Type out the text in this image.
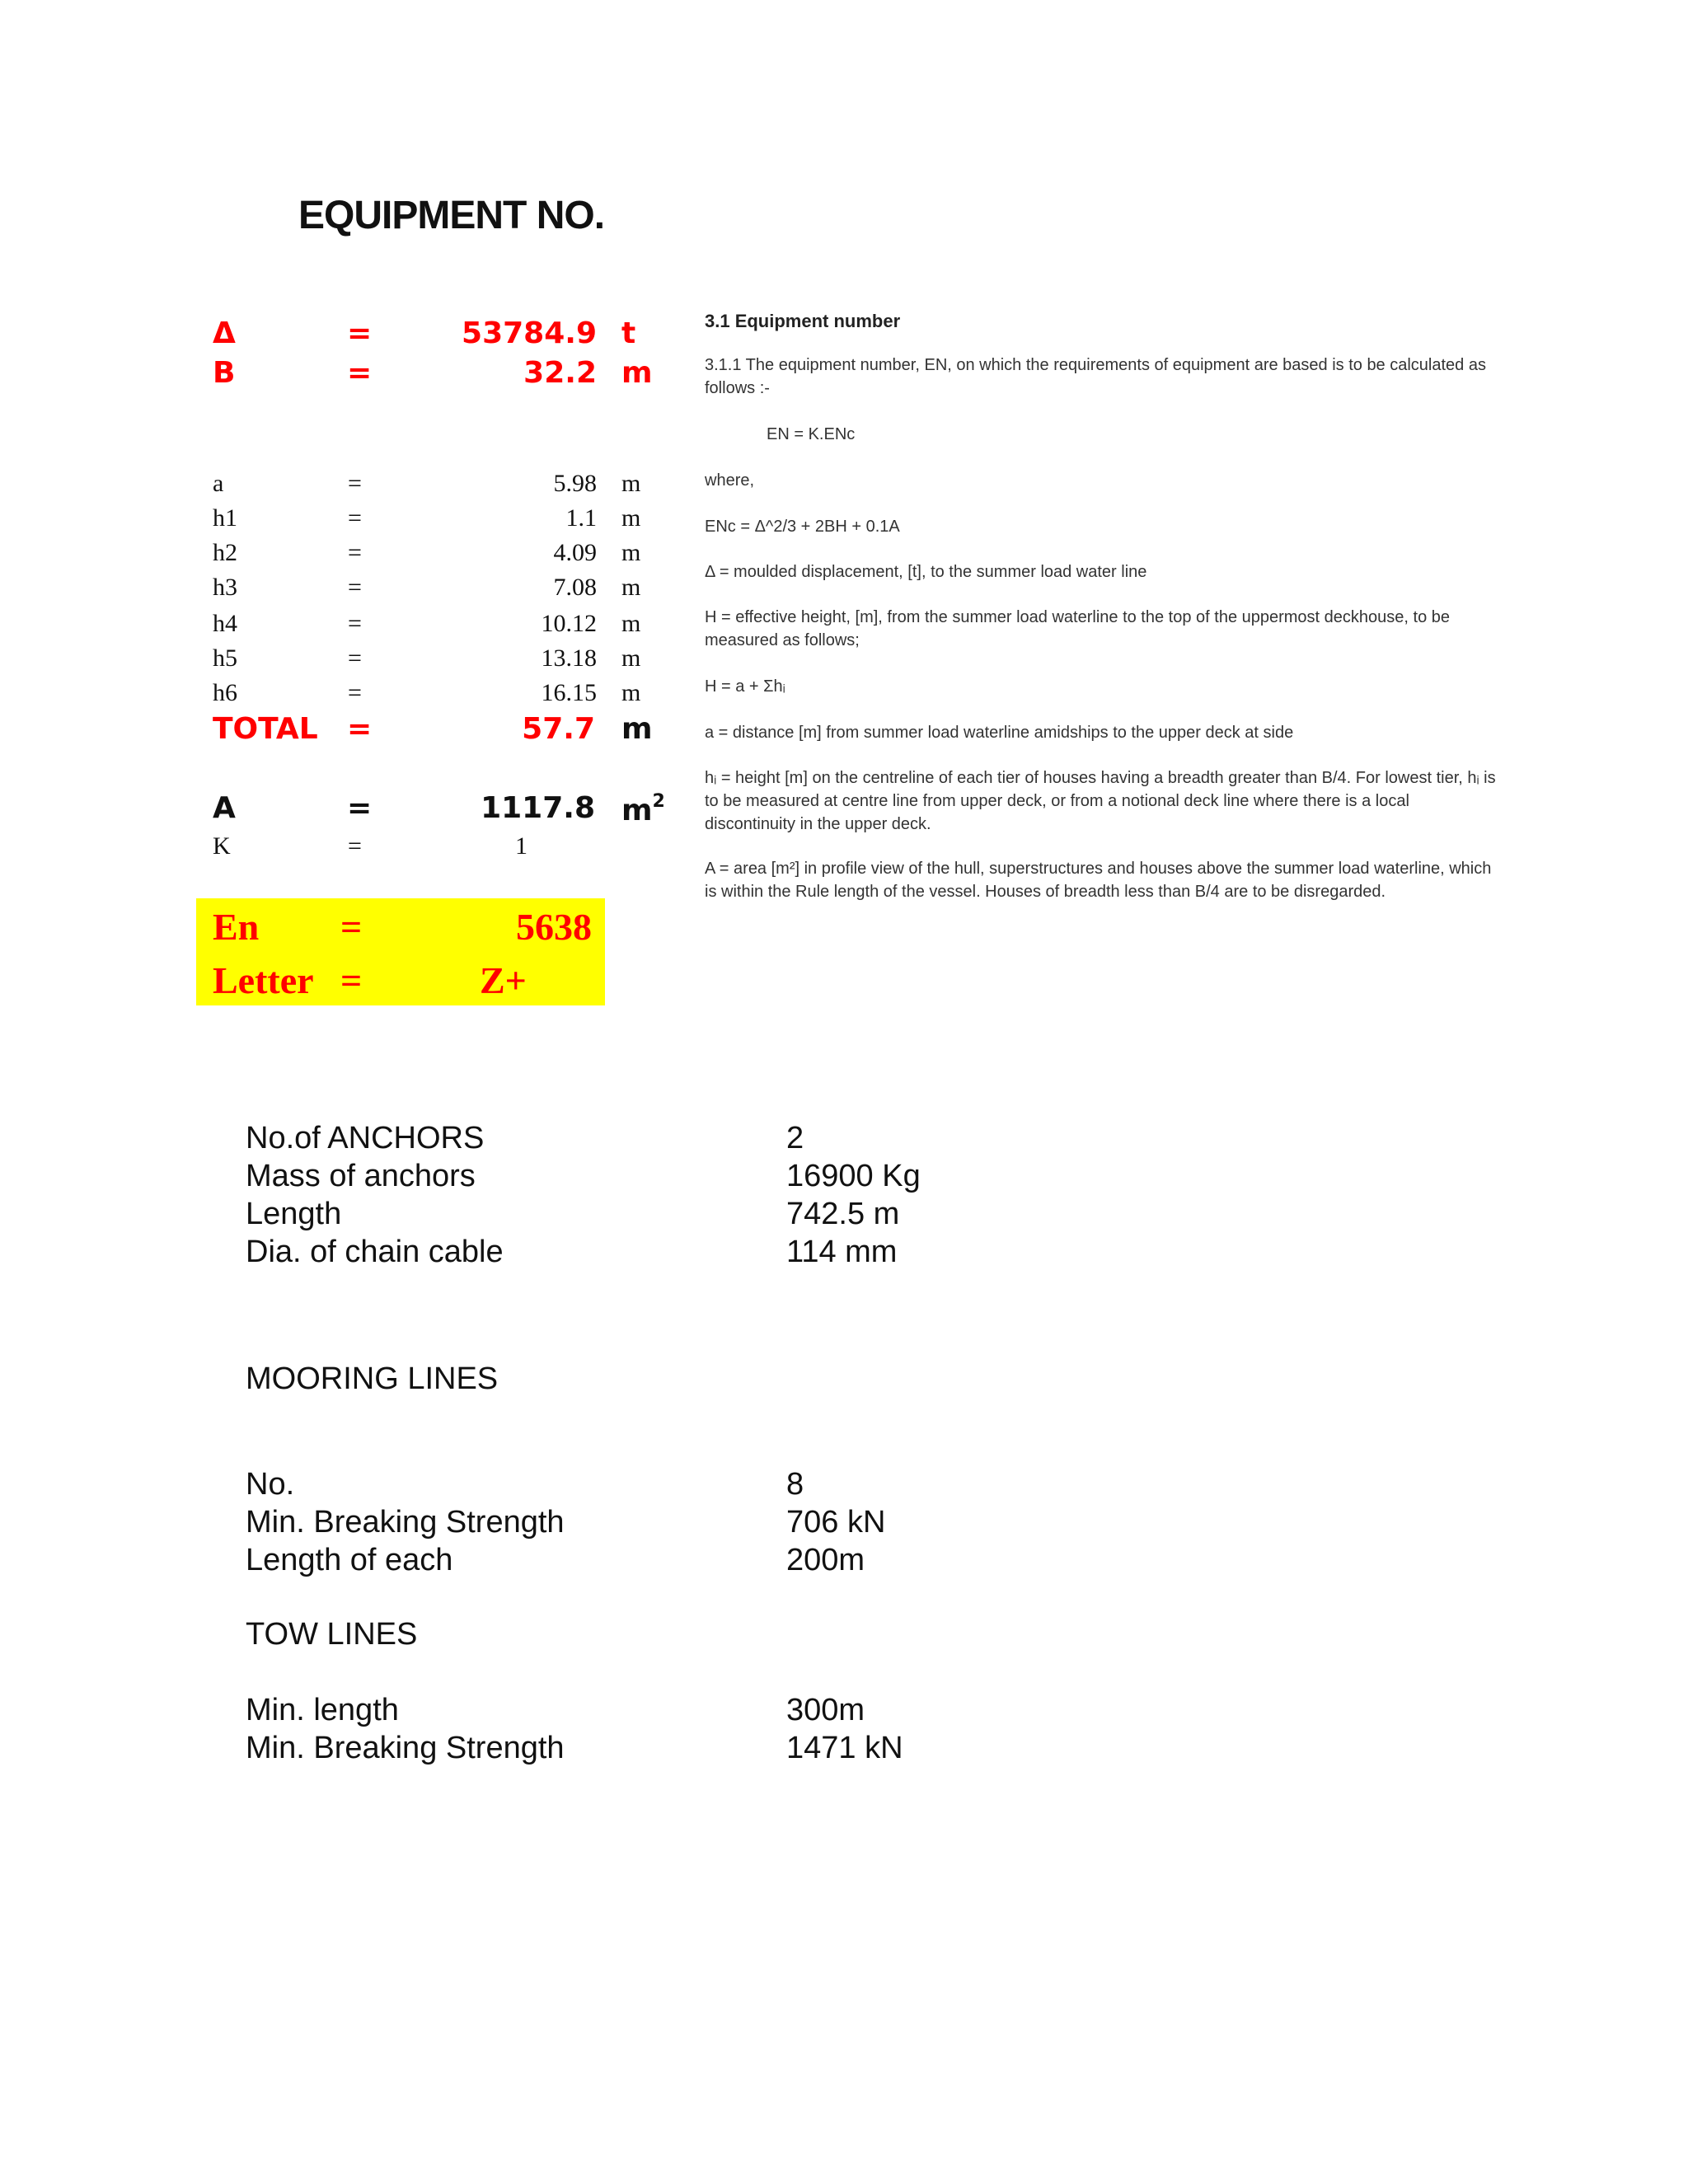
EQUIPMENT NO.
Δ	=	53784.9 t
B	=	32.2 m
a	=	5.98 m
h1	=	1.1 m
h2	=	4.09 m
h3	=	7.08 m
h4	=	10.12 m
h5	=	13.18 m
h6	=	16.15 m
TOTAL =	57.7 m
A	=	1117.8 $m^2$
K	=	1
En =	5638
Letter =	Z+
3.1 Equipment number
3.1.1 The equipment number, EN, on which the requirements of equipment are based is to be calculated as follows :-
EN = K.ENc
where,
ENc = Δ^2/3 + 2BH + 0.1A
Δ = moulded displacement, [t], to the summer load water line
H = effective height, [m], from the summer load waterline to the top of the uppermost deckhouse, to be measured as follows;
H = a + Σhᵢ
a = distance [m] from summer load waterline amidships to the upper deck at side
hᵢ = height [m] on the centreline of each tier of houses having a breadth greater than B/4. For lowest tier, hᵢ is to be measured at centre line from upper deck, or from a notional deck line where there is a local discontinuity in the upper deck.
A = area [m²] in profile view of the hull, superstructures and houses above the summer load waterline, which is within the Rule length of the vessel. Houses of breadth less than B/4 are to be disregarded.
No.of ANCHORS	2
Mass of anchors	16900 Kg
Length	742.5 m
Dia. of chain cable	114 mm
MOORING LINES
No.	8
Min. Breaking Strength	706 kN
Length of each	200m
TOW LINES
Min. length	300m
Min. Breaking Strength	1471 kN
